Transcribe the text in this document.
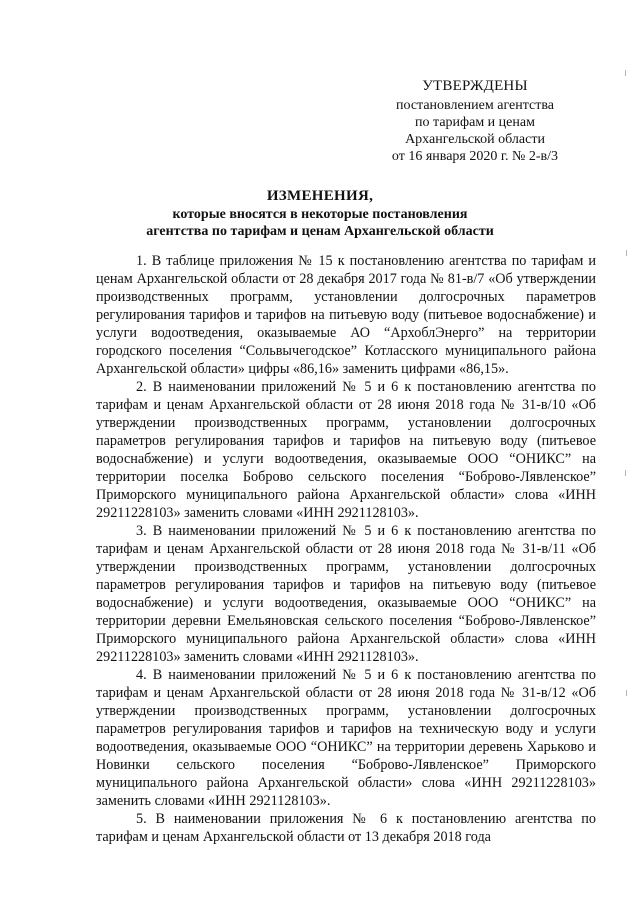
УТВЕРЖДЕНЫ
постановлением агентства
по тарифам и ценам
Архангельской области
от 16 января 2020 г. № 2-в/3
ИЗМЕНЕНИЯ,
которые вносятся в некоторые постановления
агентства по тарифам и ценам Архангельской области

1. В таблице приложения № 15 к постановлению агентства по тарифам и ценам Архангельской области от 28 декабря 2017 года № 81-в/7 «Об утверждении производственных программ, установлении долгосрочных параметров регулирования тарифов и тарифов на питьевую воду (питьевое водоснабжение) и услуги водоотведения, оказываемые АО “АрхоблЭнерго” на территории городского поселения “Сольвычегодское” Котласского муниципального района Архангельской области» цифры «86,16» заменить цифрами «86,15».

2. В наименовании приложений № 5 и 6 к постановлению агентства по тарифам и ценам Архангельской области от 28 июня 2018 года № 31-в/10 «Об утверждении производственных программ, установлении долгосрочных параметров регулирования тарифов и тарифов на питьевую воду (питьевое водоснабжение) и услуги водоотведения, оказываемые ООО “ОНИКС” на территории поселка Боброво сельского поселения “Боброво-Лявленское” Приморского муниципального района Архангельской области» слова «ИНН 29211228103» заменить словами «ИНН 2921128103».

3. В наименовании приложений № 5 и 6 к постановлению агентства по тарифам и ценам Архангельской области от 28 июня 2018 года № 31-в/11 «Об утверждении производственных программ, установлении долгосрочных параметров регулирования тарифов и тарифов на питьевую воду (питьевое водоснабжение) и услуги водоотведения, оказываемые ООО “ОНИКС” на территории деревни Емельяновская сельского поселения “Боброво-Лявленское” Приморского муниципального района Архангельской области» слова «ИНН 29211228103» заменить словами «ИНН 2921128103».

4. В наименовании приложений № 5 и 6 к постановлению агентства по тарифам и ценам Архангельской области от 28 июня 2018 года № 31-в/12 «Об утверждении производственных программ, установлении долгосрочных параметров регулирования тарифов и тарифов на техническую воду и услуги водоотведения, оказываемые ООО “ОНИКС” на территории деревень Харьково и Новинки сельского поселения “Боброво-Лявленское” Приморского муниципального района Архангельской области» слова «ИНН 29211228103» заменить словами «ИНН 2921128103».

5. В наименовании приложения № 6 к постановлению агентства по тарифам и ценам Архангельской области от 13 декабря 2018 года
